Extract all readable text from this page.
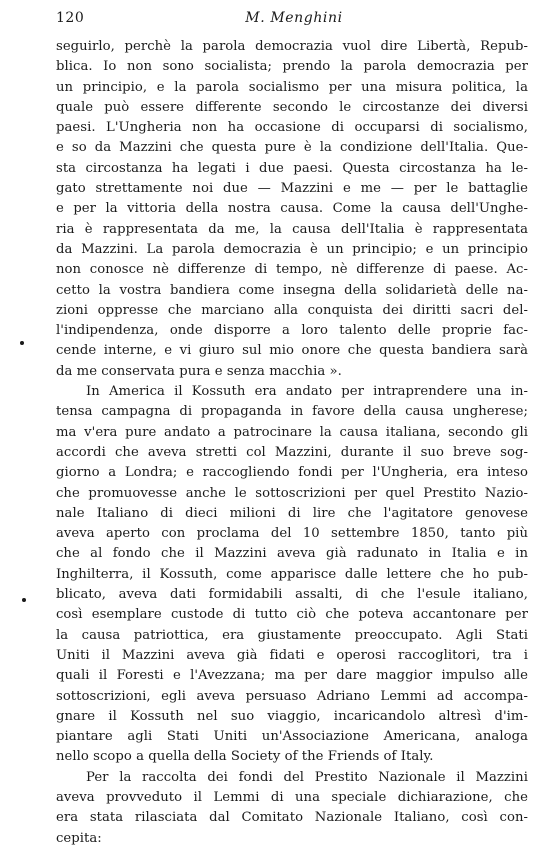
120	M. Menghini
seguirlo, perchè la parola democrazia vuol dire Libertà, Repub-
blica. Io non sono socialista; prendo la parola democrazia per
un principio, e la parola socialismo per una misura politica, la
quale può essere differente secondo le circostanze dei diversi
paesi. L'Ungheria non ha occasione di occuparsi di socialismo,
e so da Mazzini che questa pure è la condizione dell'Italia. Que-
sta circostanza ha legati i due paesi. Questa circostanza ha le-
gato strettamente noi due — Mazzini e me — per le battaglie
e per la vittoria della nostra causa. Come la causa dell'Unghe-
ria è rappresentata da me, la causa dell'Italia è rappresentata
da Mazzini. La parola democrazia è un principio; e un principio
non conosce nè differenze di tempo, nè differenze di paese. Ac-
cetto la vostra bandiera come insegna della solidarietà delle na-
zioni oppresse che marciano alla conquista dei diritti sacri del-
l'indipendenza, onde disporre a loro talento delle proprie fac-
cende interne, e vi giuro sul mio onore che questa bandiera sarà
da me conservata pura e senza macchia ».
In America il Kossuth era andato per intraprendere una in-
tensa campagna di propaganda in favore della causa ungherese;
ma v'era pure andato a patrocinare la causa italiana, secondo gli
accordi che aveva stretti col Mazzini, durante il suo breve sog-
giorno a Londra; e raccogliendo fondi per l'Ungheria, era inteso
che promuovesse anche le sottoscrizioni per quel Prestito Nazio-
nale Italiano di dieci milioni di lire che l'agitatore genovese
aveva aperto con proclama del 10 settembre 1850, tanto più
che al fondo che il Mazzini aveva già radunato in Italia e in
Inghilterra, il Kossuth, come apparisce dalle lettere che ho pub-
blicato, aveva dati formidabili assalti, di che l'esule italiano,
così esemplare custode di tutto ciò che poteva accantonare per
la causa patriottica, era giustamente preoccupato. Agli Stati
Uniti il Mazzini aveva già fidati e operosi raccoglitori, tra i
quali il Foresti e l'Avezzana; ma per dare maggior impulso alle
sottoscrizioni, egli aveva persuaso Adriano Lemmi ad accompa-
gnare il Kossuth nel suo viaggio, incaricandolo altresì d'im-
piantare agli Stati Uniti un'Associazione Americana, analoga
nello scopo a quella della Society of the Friends of Italy.
Per la raccolta dei fondi del Prestito Nazionale il Mazzini
aveva provveduto il Lemmi di una speciale dichiarazione, che
era stata rilasciata dal Comitato Nazionale Italiano, così con-
cepita:
